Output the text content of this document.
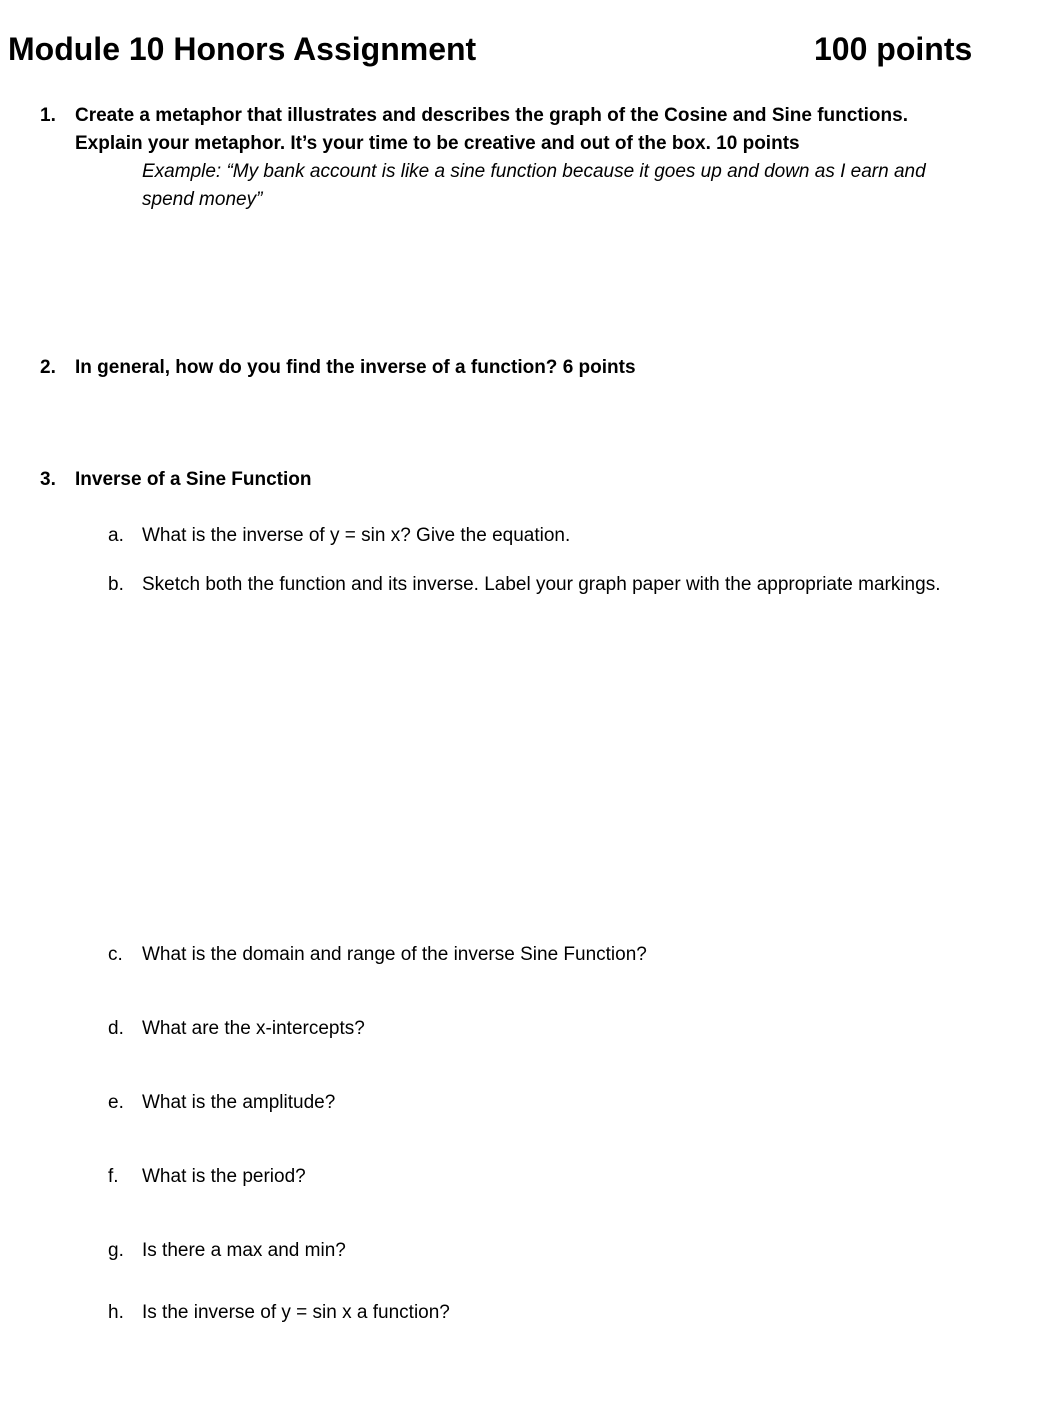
Module 10 Honors Assignment	100 points
1. Create a metaphor that illustrates and describes the graph of the Cosine and Sine functions.
Explain your metaphor. It’s your time to be creative and out of the box. 10 points
Example: “My bank account is like a sine function because it goes up and down as I earn and
spend money”
2. In general, how do you find the inverse of a function? 6 points
3. Inverse of a Sine Function
a. What is the inverse of y = sin x? Give the equation.
b. Sketch both the function and its inverse. Label your graph paper with the appropriate markings.
c. What is the domain and range of the inverse Sine Function?
d. What are the x-intercepts?
e. What is the amplitude?
f. What is the period?
g. Is there a max and min?
h. Is the inverse of y = sin x a function?
